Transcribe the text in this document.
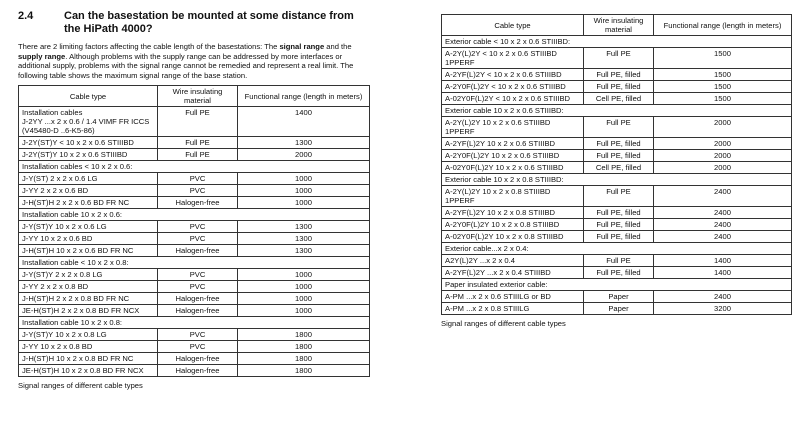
2.4	Can the basestation be mounted at some distance from the HiPath 4000?
There are 2 limiting factors affecting the cable length of the basestations: The signal range and the supply range. Although problems with the supply range can be addressed by more interfaces or additional supply, problems with the signal range cannot be remedied and represent a real limit. The following table shows the maximum signal range of the base station.
Cable type	Wire insulating material	Functional range (length in meters)
Installation cables
J-2YY ...x 2 x 0.6 / 1.4 VIMF FR ICCS
(V45480-D ..6-K5-86)	Full PE	1400
J-2Y(ST)Y < 10 x 2 x 0.6 STIIIBD	Full PE	1300
J-2Y(ST)Y 10 x 2 x 0.6 STIIIBD	Full PE	2000
Installation cables < 10 x 2 x 0.6:		
J-Y(ST) 2 x 2 x 0.6 LG	PVC	1000
J-YY 2 x 2 x 0.6 BD	PVC	1000
J-H(ST)H 2 x 2 x 0.6 BD FR NC	Halogen-free	1000
Installation cable 10 x 2 x 0.6:		
J-Y(ST)Y 10 x 2 x 0.6 LG	PVC	1300
J-YY 10 x 2 x 0.6 BD	PVC	1300
J-H(ST)H 10 x 2 x 0.6 BD FR NC	Halogen-free	1300
Installation cable < 10 x 2 x 0.8:		
J-Y(ST)Y 2 x 2 x 0.8 LG	PVC	1000
J-YY 2 x 2 x 0.8 BD	PVC	1000
J-H(ST)H 2 x 2 x 0.8 BD FR NC	Halogen-free	1000
JE-H(ST)H 2 x 2 x 0.8 BD FR NCX	Halogen-free	1000
Installation cable 10 x 2 x 0.8:		
J-Y(ST)Y 10 x 2 x 0.8 LG	PVC	1800
J-YY 10 x 2 x 0.8 BD	PVC	1800
J-H(ST)H 10 x 2 x 0.8 BD FR NC	Halogen-free	1800
JE-H(ST)H 10 x 2 x 0.8 BD FR NCX	Halogen-free	1800
Signal ranges of different cable types
Cable type	Wire insulating material	Functional range (length in meters)
Exterior cable < 10 x 2 x 0.6 STIIIBD:		
A-2Y(L)2Y < 10 x 2 x 0.6 STIIIBD 1PPERF	Full PE	1500
A-2YF(L)2Y < 10 x 2 x 0.6 STIIIBD	Full PE, filled	1500
A-2Y0F(L)2Y < 10 x 2 x 0.6 STIIIBD	Full PE, filled	1500
A-02Y0F(L)2Y < 10 x 2 x 0.6 STIIIBD	Cell PE, filled	1500
Exterior cable 10 x 2 x 0.6 STIIIBD:		
A-2Y(L)2Y 10 x 2 x 0.6 STIIIBD 1PPERF	Full PE	2000
A-2YF(L)2Y 10 x 2 x 0.6 STIIIBD	Full PE, filled	2000
A-2Y0F(L)2Y 10 x 2 x 0.6 STIIIBD	Full PE, filled	2000
A-02Y0F(L)2Y 10 x 2 x 0.6 STIIIBD	Cell PE, filled	2000
Exterior cable 10 x 2 x 0.8 STIIIBD:		
A-2Y(L)2Y 10 x 2 x 0.8 STIIIBD 1PPERF	Full PE	2400
A-2YF(L)2Y 10 x 2 x 0.8 STIIIBD	Full PE, filled	2400
A-2Y0F(L)2Y 10 x 2 x 0.8 STIIIBD	Full PE, filled	2400
A-02Y0F(L)2Y 10 x 2 x 0.8 STIIIBD	Full PE, filled	2400
Exterior cable...x 2 x 0.4:		
A2Y(L)2Y ...x 2 x 0.4	Full PE	1400
A-2YF(L)2Y ...x 2 x 0.4 STIIIBD	Full PE, filled	1400
Paper insulated exterior cable:		
A-PM ...x 2 x 0.6 STIIILG or BD	Paper	2400
A-PM ...x 2 x 0.8 STIIILG	Paper	3200
Signal ranges of different cable types
